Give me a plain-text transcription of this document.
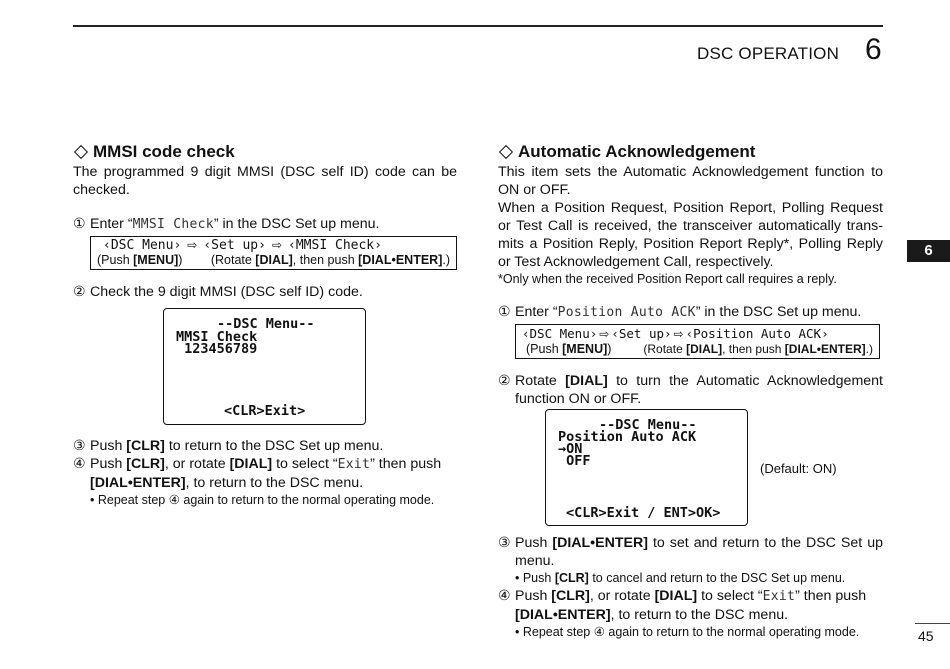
DSC OPERATION 6
6
45
MMSI code check
The programmed 9 digit MMSI (DSC self ID) code can be checked.
① Enter “MMSI Check” in the DSC Set up menu.
‹DSC Menu› ⇨ ‹Set up› ⇨ ‹MMSI Check›
(Push [MENU]) (Rotate [DIAL], then push [DIAL•ENTER].)
② Check the 9 digit MMSI (DSC self ID) code.
--DSC Menu--
MMSI Check
123456789
<CLR>Exit>
③ Push [CLR] to return to the DSC Set up menu.
④ Push [CLR], or rotate [DIAL] to select “Exit” then push [DIAL•ENTER], to return to the DSC menu.
• Repeat step ④ again to return to the normal operating mode.
Automatic Acknowledgement
This item sets the Automatic Acknowledgement function to ON or OFF.
When a Position Request, Position Report, Polling Request or Test Call is received, the transceiver automatically trans-mits a Position Reply, Position Report Reply*, Polling Reply or Test Acknowledgement Call, respectively.
*Only when the received Position Report call requires a reply.
① Enter “Position Auto ACK” in the DSC Set up menu.
‹DSC Menu› ⇨ ‹Set up› ⇨ ‹Position Auto ACK›
(Push [MENU])	(Rotate [DIAL], then push [DIAL•ENTER].)
② Rotate [DIAL] to turn the Automatic Acknowledgement function ON or OFF.
--DSC Menu--
Position Auto ACK
→ON
OFF
<CLR>Exit / ENT>OK>
(Default: ON)
③ Push [DIAL•ENTER] to set and return to the DSC Set up menu.
• Push [CLR] to cancel and return to the DSC Set up menu.
④ Push [CLR], or rotate [DIAL] to select “Exit” then push [DIAL•ENTER], to return to the DSC menu.
• Repeat step ④ again to return to the normal operating mode.
